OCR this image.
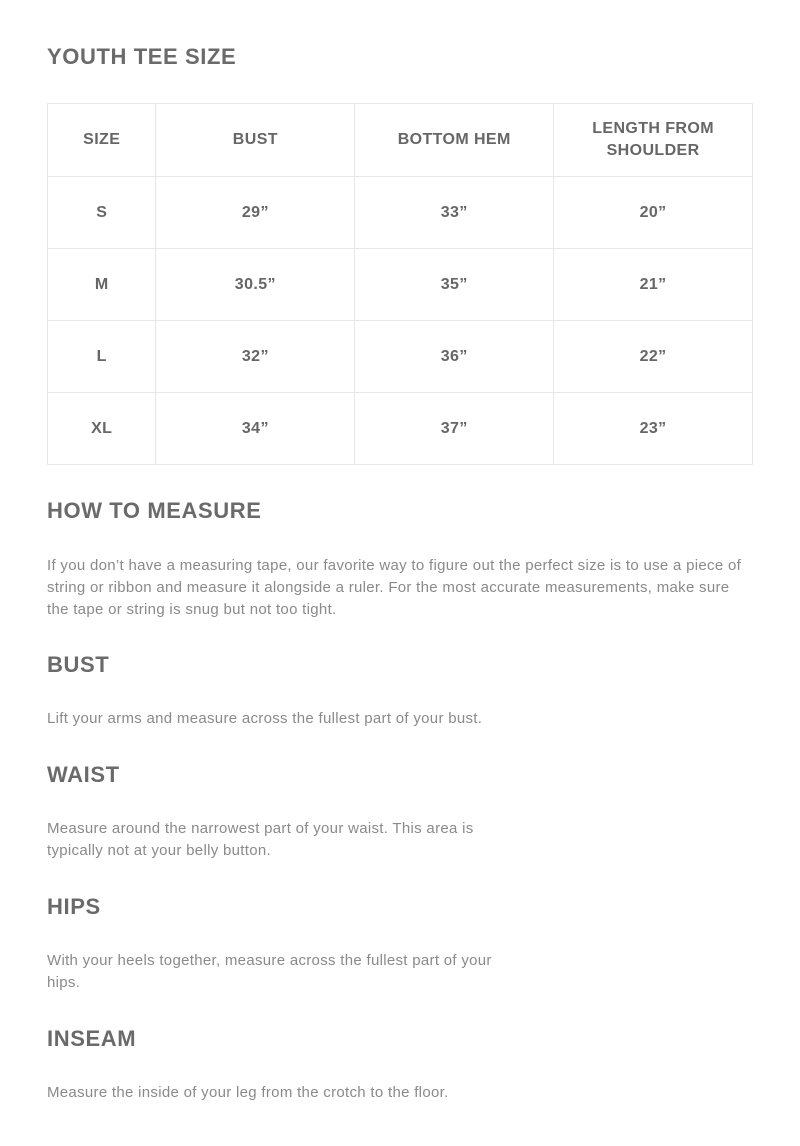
YOUTH TEE SIZE
SIZE	BUST	BOTTOM HEM	LENGTH FROM SHOULDER
S	29”	33”	20”
M	30.5”	35”	21”
L	32”	36”	22”
XL	34”	37”	23”
HOW TO MEASURE

If you don’t have a measuring tape, our favorite way to figure out the perfect size is to use a piece of string or ribbon and measure it alongside a ruler. For the most accurate measurements, make sure the tape or string is snug but not too tight.

BUST

Lift your arms and measure across the fullest part of your bust.

WAIST

Measure around the narrowest part of your waist. This area is typically not at your belly button.

HIPS

With your heels together, measure across the fullest part of your hips.

INSEAM

Measure the inside of your leg from the crotch to the floor.
